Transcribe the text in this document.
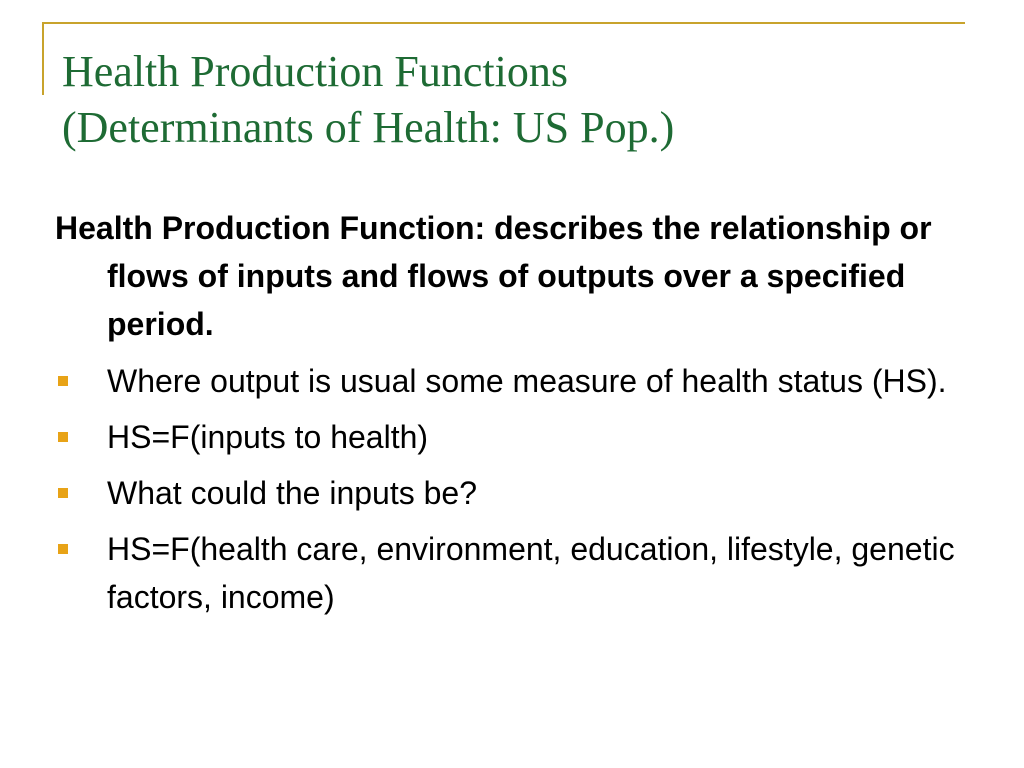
Health Production Functions
(Determinants of Health: US Pop.)
Health Production Function: describes the relationship or flows of inputs and flows of outputs over a specified period.
Where output is usual some measure of health status (HS).
HS=F(inputs to health)
What could the inputs be?
HS=F(health care, environment, education, lifestyle, genetic factors, income)
